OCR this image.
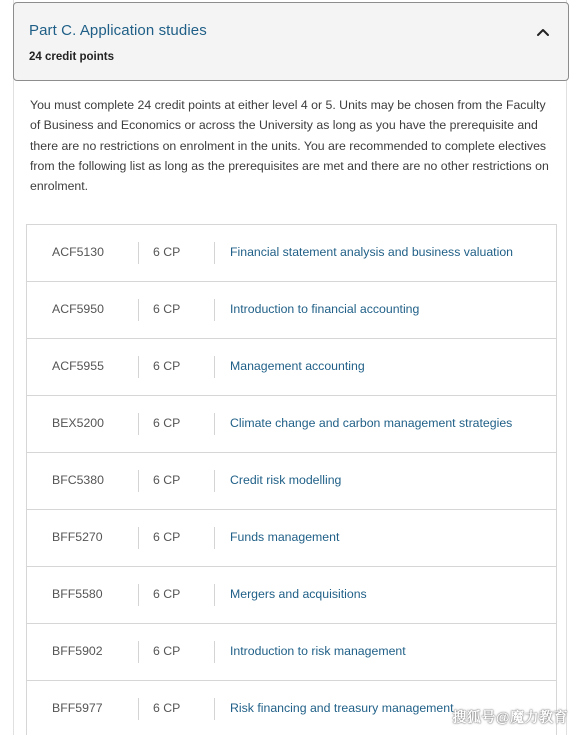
Part C. Application studies
24 credit points
You must complete 24 credit points at either level 4 or 5. Units may be chosen from the Faculty of Business and Economics or across the University as long as you have the prerequisite and there are no restrictions on enrolment in the units. You are recommended to complete electives from the following list as long as the prerequisites are met and there are no other restrictions on enrolment.
ACF5130	6 CP	Financial statement analysis and business valuation
ACF5950	6 CP	Introduction to financial accounting
ACF5955	6 CP	Management accounting
BEX5200	6 CP	Climate change and carbon management strategies
BFC5380	6 CP	Credit risk modelling
BFF5270	6 CP	Funds management
BFF5580	6 CP	Mergers and acquisitions
BFF5902	6 CP	Introduction to risk management
BFF5977	6 CP	Risk financing and treasury management
搜狐号@魔力教育
